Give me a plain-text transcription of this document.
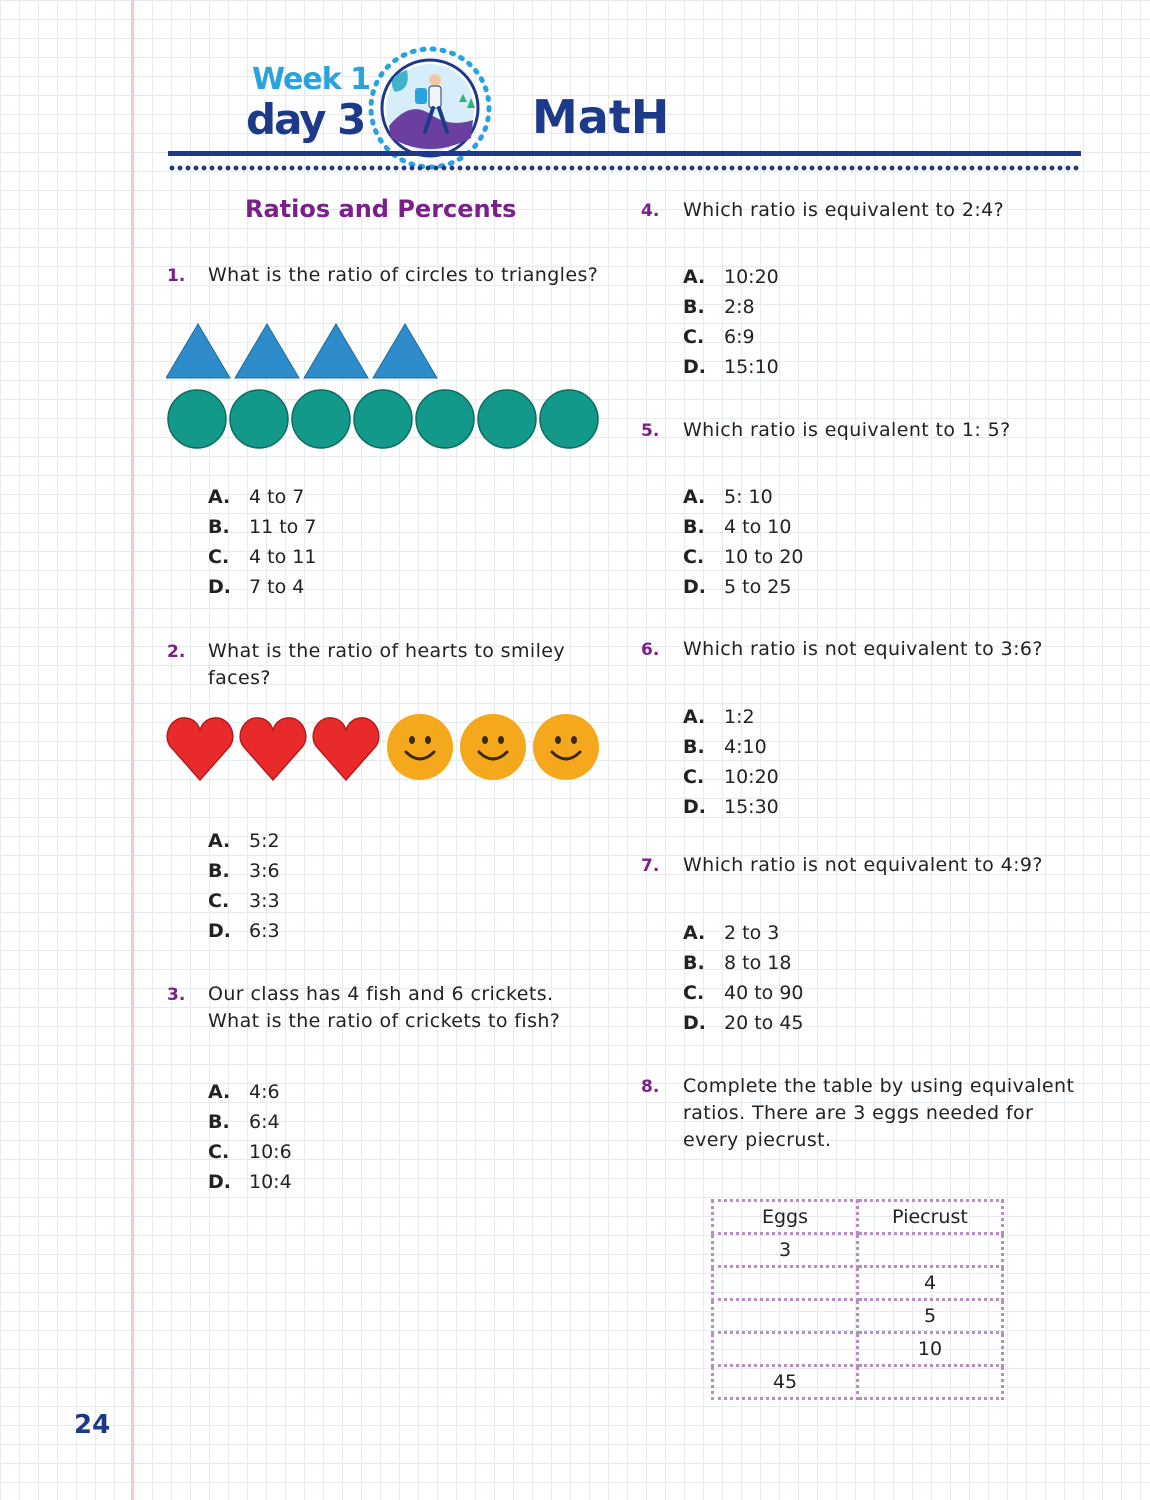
Week 1
day 3	MatH
Ratios and Percents
1. What is the ratio of circles to triangles?
A. 4 to 7
B. 11 to 7
C. 4 to 11
D. 7 to 4
2. What is the ratio of hearts to smiley faces?
A. 5:2
B. 3:6
C. 3:3
D. 6:3
3. Our class has 4 fish and 6 crickets. What is the ratio of crickets to fish?
A. 4:6
B. 6:4
C. 10:6
D. 10:4
4. Which ratio is equivalent to 2:4?
A. 10:20
B. 2:8
C. 6:9
D. 15:10
5. Which ratio is equivalent to 1: 5?
A. 5: 10
B. 4 to 10
C. 10 to 20
D. 5 to 25
6. Which ratio is not equivalent to 3:6?
A. 1:2
B. 4:10
C. 10:20
D. 15:30
7. Which ratio is not equivalent to 4:9?
A. 2 to 3
B. 8 to 18
C. 40 to 90
D. 20 to 45
8. Complete the table by using equivalent ratios. There are 3 eggs needed for every piecrust.
Eggs	Piecrust
3	
	4
	5
	10
45	
24
